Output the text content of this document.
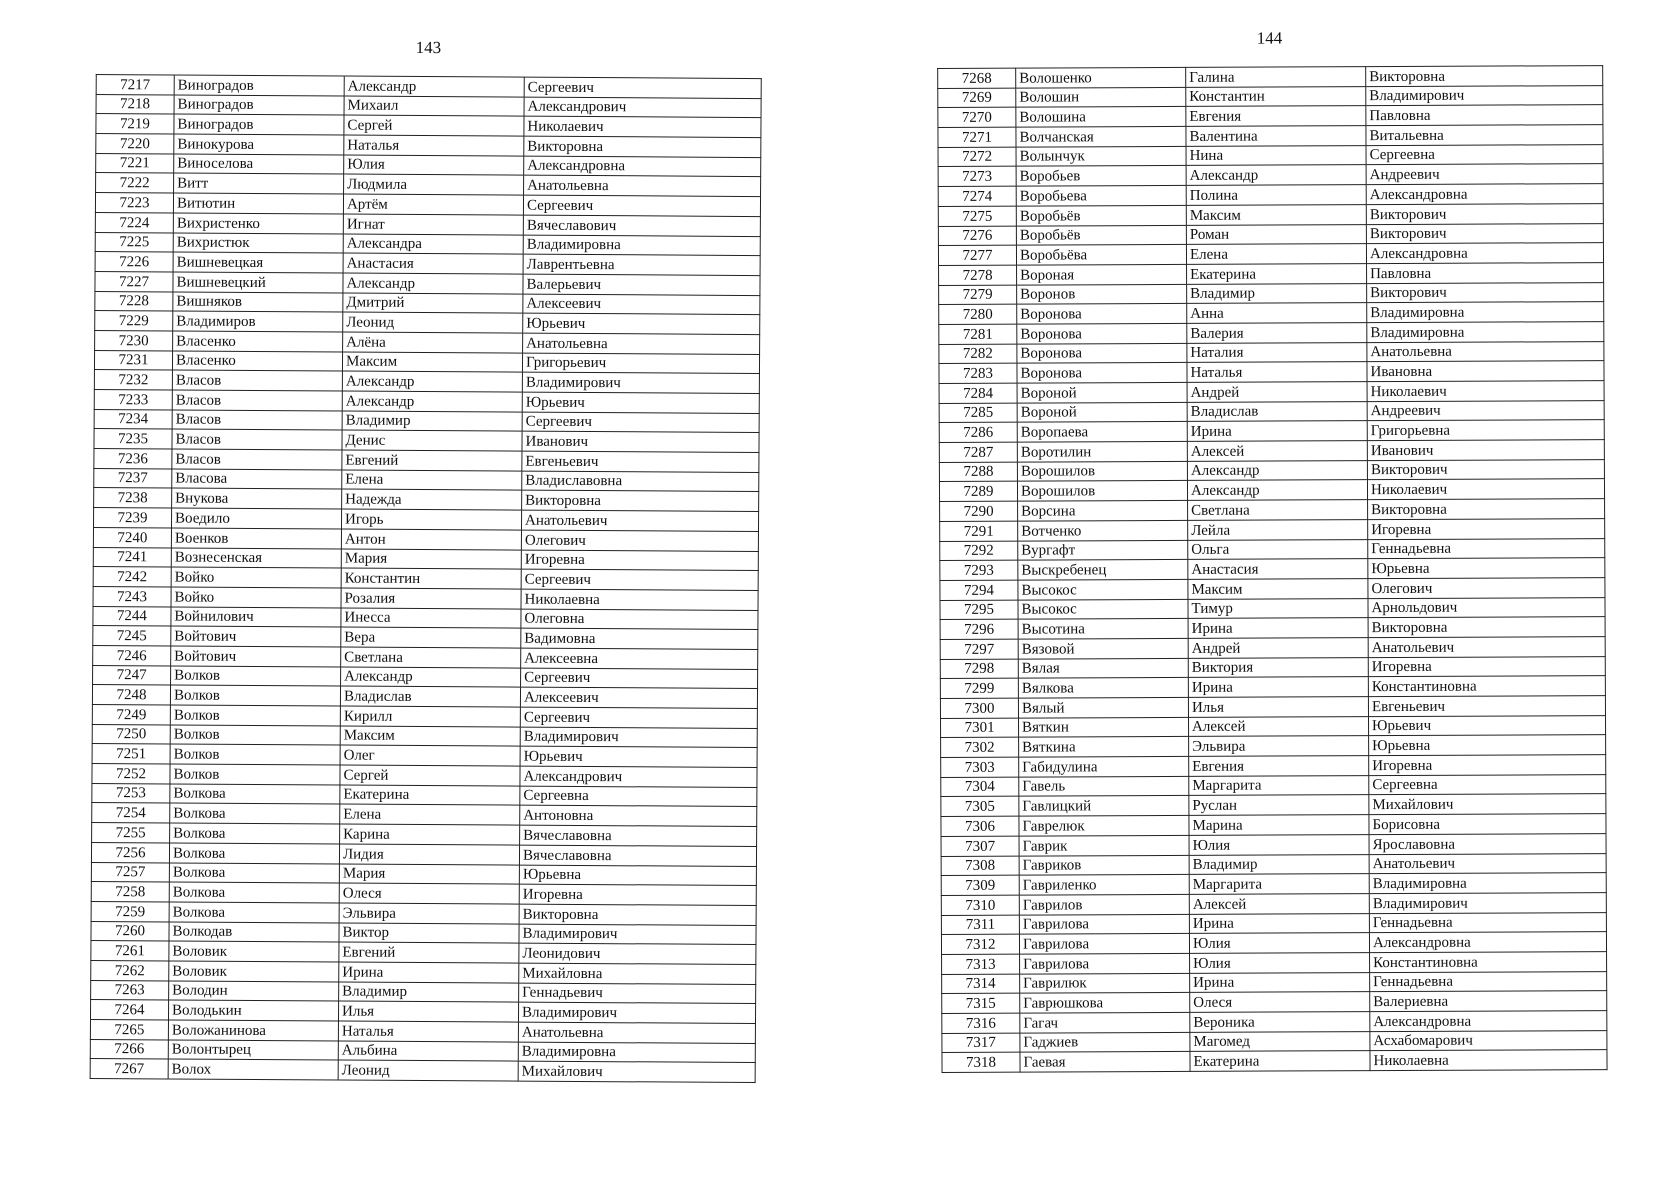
143
7217	Виноградов	Александр	Сергеевич
7218	Виноградов	Михаил	Александрович
7219	Виноградов	Сергей	Николаевич
7220	Винокурова	Наталья	Викторовна
7221	Виноселова	Юлия	Александровна
7222	Витт	Людмила	Анатольевна
7223	Витютин	Артём	Сергеевич
7224	Вихристенко	Игнат	Вячеславович
7225	Вихристюк	Александра	Владимировна
7226	Вишневецкая	Анастасия	Лаврентьевна
7227	Вишневецкий	Александр	Валерьевич
7228	Вишняков	Дмитрий	Алексеевич
7229	Владимиров	Леонид	Юрьевич
7230	Власенко	Алёна	Анатольевна
7231	Власенко	Максим	Григорьевич
7232	Власов	Александр	Владимирович
7233	Власов	Александр	Юрьевич
7234	Власов	Владимир	Сергеевич
7235	Власов	Денис	Иванович
7236	Власов	Евгений	Евгеньевич
7237	Власова	Елена	Владиславовна
7238	Внукова	Надежда	Викторовна
7239	Воедило	Игорь	Анатольевич
7240	Военков	Антон	Олегович
7241	Вознесенская	Мария	Игоревна
7242	Войко	Константин	Сергеевич
7243	Войко	Розалия	Николаевна
7244	Войнилович	Инесса	Олеговна
7245	Войтович	Вера	Вадимовна
7246	Войтович	Светлана	Алексеевна
7247	Волков	Александр	Сергеевич
7248	Волков	Владислав	Алексеевич
7249	Волков	Кирилл	Сергеевич
7250	Волков	Максим	Владимирович
7251	Волков	Олег	Юрьевич
7252	Волков	Сергей	Александрович
7253	Волкова	Екатерина	Сергеевна
7254	Волкова	Елена	Антоновна
7255	Волкова	Карина	Вячеславовна
7256	Волкова	Лидия	Вячеславовна
7257	Волкова	Мария	Юрьевна
7258	Волкова	Олеся	Игоревна
7259	Волкова	Эльвира	Викторовна
7260	Волкодав	Виктор	Владимирович
7261	Воловик	Евгений	Леонидович
7262	Воловик	Ирина	Михайловна
7263	Володин	Владимир	Геннадьевич
7264	Володькин	Илья	Владимирович
7265	Воложанинова	Наталья	Анатольевна
7266	Волонтырец	Альбина	Владимировна
7267	Волох	Леонид	Михайлович
144
7268	Волошенко	Галина	Викторовна
7269	Волошин	Константин	Владимирович
7270	Волошина	Евгения	Павловна
7271	Волчанская	Валентина	Витальевна
7272	Волынчук	Нина	Сергеевна
7273	Воробьев	Александр	Андреевич
7274	Воробьева	Полина	Александровна
7275	Воробьёв	Максим	Викторович
7276	Воробьёв	Роман	Викторович
7277	Воробьёва	Елена	Александровна
7278	Вороная	Екатерина	Павловна
7279	Воронов	Владимир	Викторович
7280	Воронова	Анна	Владимировна
7281	Воронова	Валерия	Владимировна
7282	Воронова	Наталия	Анатольевна
7283	Воронова	Наталья	Ивановна
7284	Вороной	Андрей	Николаевич
7285	Вороной	Владислав	Андреевич
7286	Воропаева	Ирина	Григорьевна
7287	Воротилин	Алексей	Иванович
7288	Ворошилов	Александр	Викторович
7289	Ворошилов	Александр	Николаевич
7290	Ворсина	Светлана	Викторовна
7291	Вотченко	Лейла	Игоревна
7292	Вургафт	Ольга	Геннадьевна
7293	Выскребенец	Анастасия	Юрьевна
7294	Высокос	Максим	Олегович
7295	Высокос	Тимур	Арнольдович
7296	Высотина	Ирина	Викторовна
7297	Вязовой	Андрей	Анатольевич
7298	Вялая	Виктория	Игоревна
7299	Вялкова	Ирина	Константиновна
7300	Вялый	Илья	Евгеньевич
7301	Вяткин	Алексей	Юрьевич
7302	Вяткина	Эльвира	Юрьевна
7303	Габидулина	Евгения	Игоревна
7304	Гавель	Маргарита	Сергеевна
7305	Гавлицкий	Руслан	Михайлович
7306	Гаврелюк	Марина	Борисовна
7307	Гаврик	Юлия	Ярославовна
7308	Гавриков	Владимир	Анатольевич
7309	Гавриленко	Маргарита	Владимировна
7310	Гаврилов	Алексей	Владимирович
7311	Гаврилова	Ирина	Геннадьевна
7312	Гаврилова	Юлия	Александровна
7313	Гаврилова	Юлия	Константиновна
7314	Гаврилюк	Ирина	Геннадьевна
7315	Гаврюшкова	Олеся	Валериевна
7316	Гагач	Вероника	Александровна
7317	Гаджиев	Магомед	Асхабомарович
7318	Гаевая	Екатерина	Николаевна
